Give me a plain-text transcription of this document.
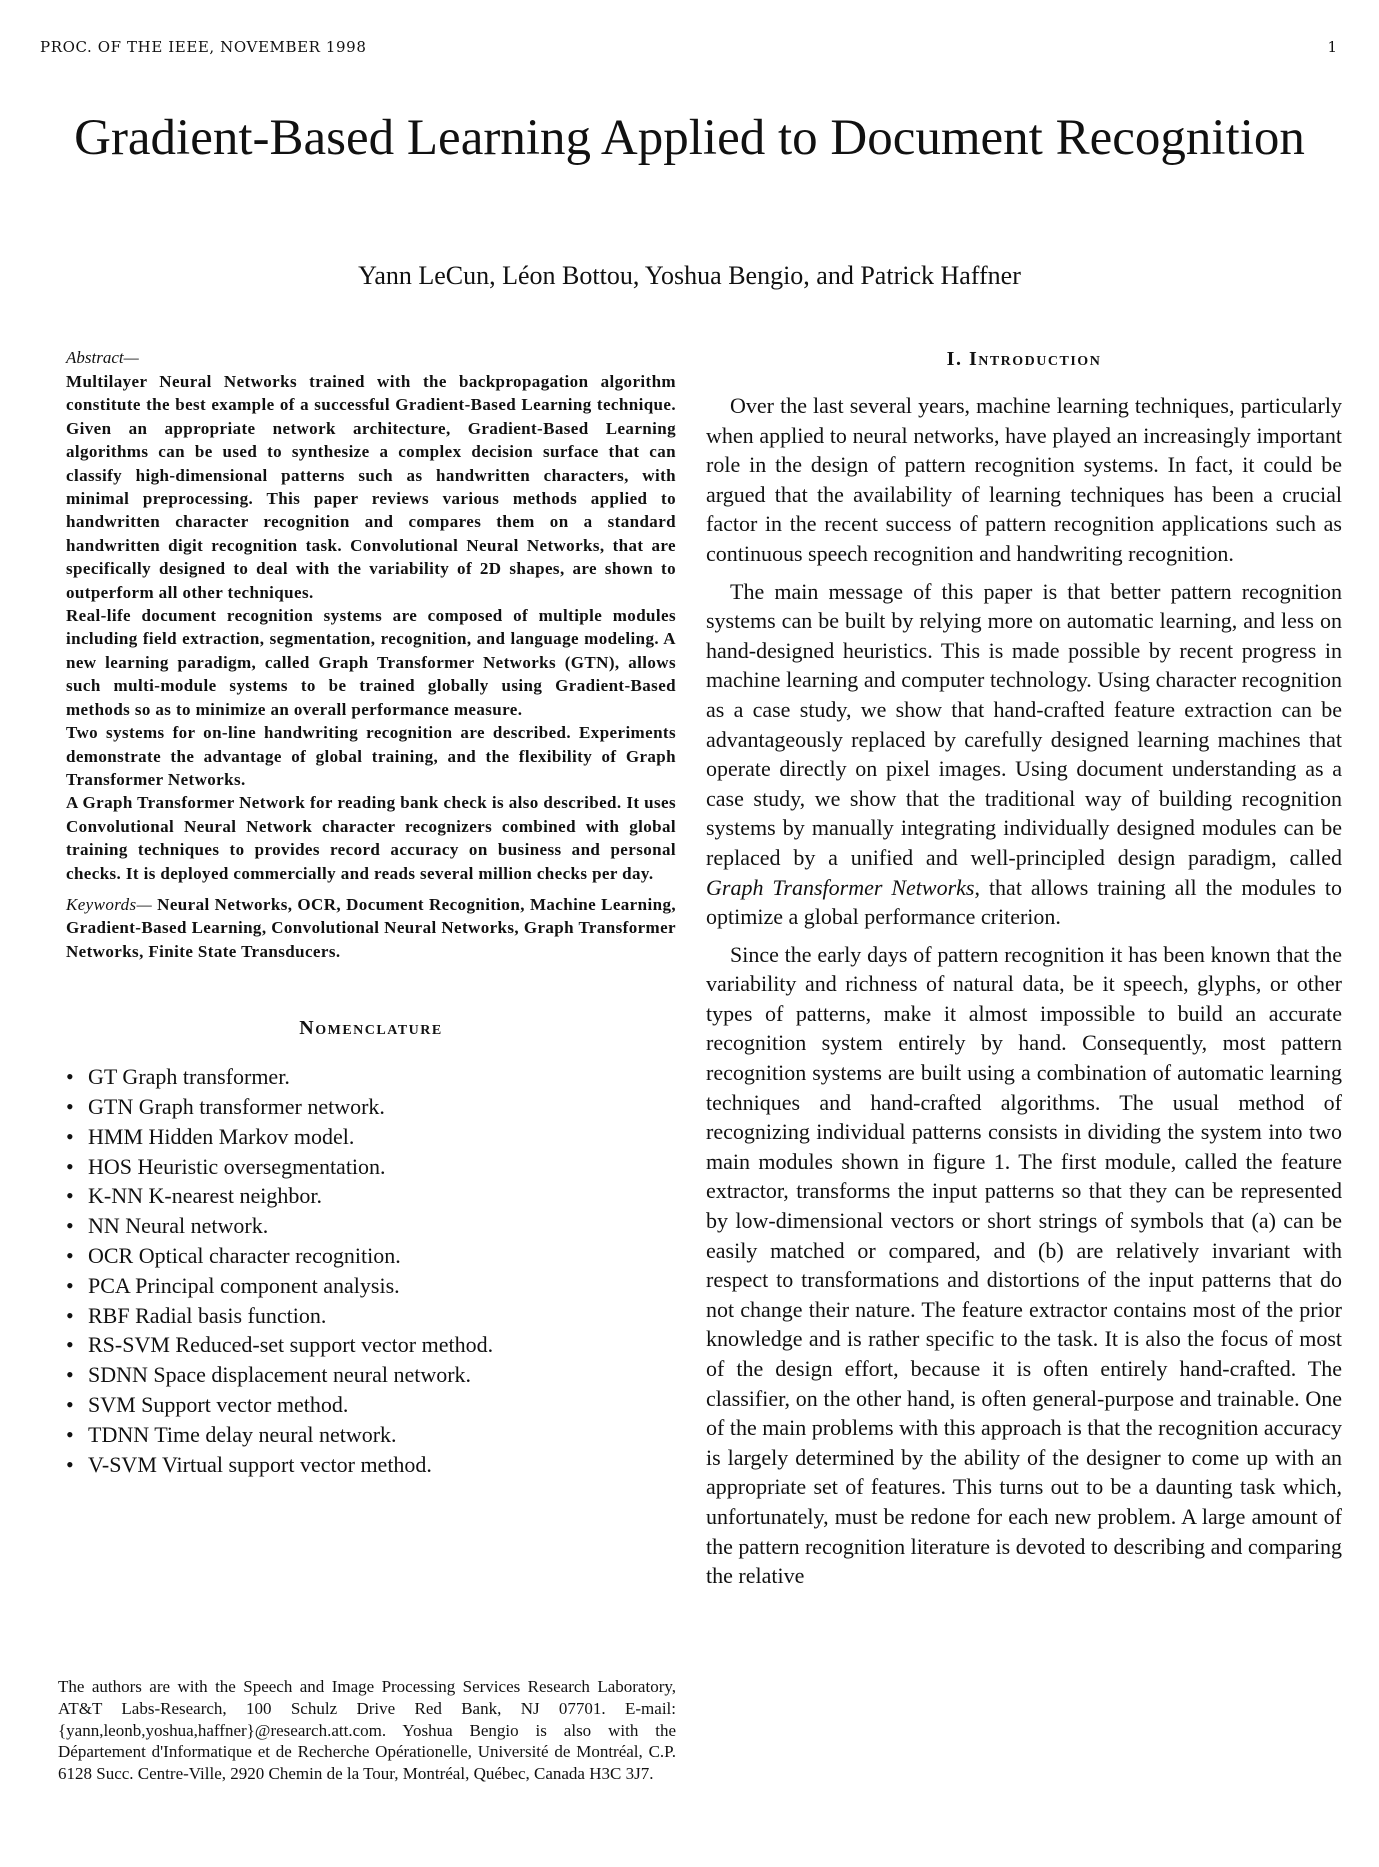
PROC. OF THE IEEE, NOVEMBER 1998	1
Gradient-Based Learning Applied to Document Recognition
Yann LeCun, Léon Bottou, Yoshua Bengio, and Patrick Haffner
Abstract—

Multilayer Neural Networks trained with the backpropagation algorithm constitute the best example of a successful Gradient-Based Learning technique. Given an appropriate network architecture, Gradient-Based Learning algorithms can be used to synthesize a complex decision surface that can classify high-dimensional patterns such as handwritten characters, with minimal preprocessing. This paper reviews various methods applied to handwritten character recognition and compares them on a standard handwritten digit recognition task. Convolutional Neural Networks, that are specifically designed to deal with the variability of 2D shapes, are shown to outperform all other techniques.

Real-life document recognition systems are composed of multiple modules including field extraction, segmentation, recognition, and language modeling. A new learning paradigm, called Graph Transformer Networks (GTN), allows such multi-module systems to be trained globally using Gradient-Based methods so as to minimize an overall performance measure.

Two systems for on-line handwriting recognition are described. Experiments demonstrate the advantage of global training, and the flexibility of Graph Transformer Networks.

A Graph Transformer Network for reading bank check is also described. It uses Convolutional Neural Network character recognizers combined with global training techniques to provides record accuracy on business and personal checks. It is deployed commercially and reads several million checks per day.

Keywords— Neural Networks, OCR, Document Recognition, Machine Learning, Gradient-Based Learning, Convolutional Neural Networks, Graph Transformer Networks, Finite State Transducers.
Nomenclature
• GT Graph transformer.
• GTN Graph transformer network.
• HMM Hidden Markov model.
• HOS Heuristic oversegmentation.
• K-NN K-nearest neighbor.
• NN Neural network.
• OCR Optical character recognition.
• PCA Principal component analysis.
• RBF Radial basis function.
• RS-SVM Reduced-set support vector method.
• SDNN Space displacement neural network.
• SVM Support vector method.
• TDNN Time delay neural network.
• V-SVM Virtual support vector method.

The authors are with the Speech and Image Processing Services Research Laboratory, AT&T Labs-Research, 100 Schulz Drive Red Bank, NJ 07701. E-mail: {yann,leonb,yoshua,haffner}@research.att.com. Yoshua Bengio is also with the Département d'Informatique et de Recherche Opérationelle, Université de Montréal, C.P. 6128 Succ. Centre-Ville, 2920 Chemin de la Tour, Montréal, Québec, Canada H3C 3J7.

I. Introduction

Over the last several years, machine learning techniques, particularly when applied to neural networks, have played an increasingly important role in the design of pattern recognition systems. In fact, it could be argued that the availability of learning techniques has been a crucial factor in the recent success of pattern recognition applications such as continuous speech recognition and handwriting recognition.

The main message of this paper is that better pattern recognition systems can be built by relying more on automatic learning, and less on hand-designed heuristics. This is made possible by recent progress in machine learning and computer technology. Using character recognition as a case study, we show that hand-crafted feature extraction can be advantageously replaced by carefully designed learning machines that operate directly on pixel images. Using document understanding as a case study, we show that the traditional way of building recognition systems by manually integrating individually designed modules can be replaced by a unified and well-principled design paradigm, called Graph Transformer Networks, that allows training all the modules to optimize a global performance criterion.

Since the early days of pattern recognition it has been known that the variability and richness of natural data, be it speech, glyphs, or other types of patterns, make it almost impossible to build an accurate recognition system entirely by hand. Consequently, most pattern recognition systems are built using a combination of automatic learning techniques and hand-crafted algorithms. The usual method of recognizing individual patterns consists in dividing the system into two main modules shown in figure 1. The first module, called the feature extractor, transforms the input patterns so that they can be represented by low-dimensional vectors or short strings of symbols that (a) can be easily matched or compared, and (b) are relatively invariant with respect to transformations and distortions of the input patterns that do not change their nature. The feature extractor contains most of the prior knowledge and is rather specific to the task. It is also the focus of most of the design effort, because it is often entirely hand-crafted. The classifier, on the other hand, is often general-purpose and trainable. One of the main problems with this approach is that the recognition accuracy is largely determined by the ability of the designer to come up with an appropriate set of features. This turns out to be a daunting task which, unfortunately, must be redone for each new problem. A large amount of the pattern recognition literature is devoted to describing and comparing the relative
